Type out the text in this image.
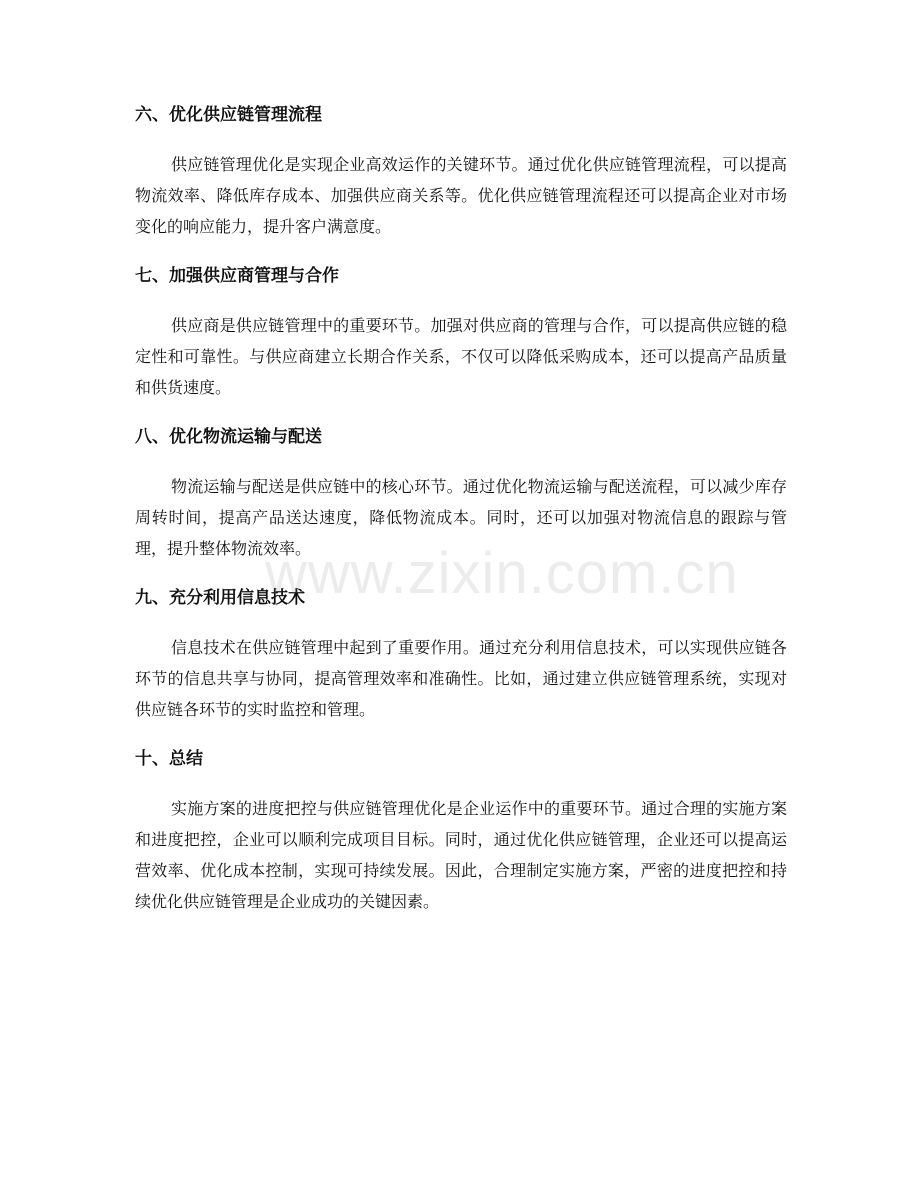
六、优化供应链管理流程

供应链管理优化是实现企业高效运作的关键环节。通过优化供应链管理流程，可以提高物流效率、降低库存成本、加强供应商关系等。优化供应链管理流程还可以提高企业对市场变化的响应能力，提升客户满意度。

七、加强供应商管理与合作

供应商是供应链管理中的重要环节。加强对供应商的管理与合作，可以提高供应链的稳定性和可靠性。与供应商建立长期合作关系，不仅可以降低采购成本，还可以提高产品质量和供货速度。

八、优化物流运输与配送

物流运输与配送是供应链中的核心环节。通过优化物流运输与配送流程，可以减少库存周转时间，提高产品送达速度，降低物流成本。同时，还可以加强对物流信息的跟踪与管理，提升整体物流效率。

九、充分利用信息技术

信息技术在供应链管理中起到了重要作用。通过充分利用信息技术，可以实现供应链各环节的信息共享与协同，提高管理效率和准确性。比如，通过建立供应链管理系统，实现对供应链各环节的实时监控和管理。

十、总结

实施方案的进度把控与供应链管理优化是企业运作中的重要环节。通过合理的实施方案和进度把控，企业可以顺利完成项目目标。同时，通过优化供应链管理，企业还可以提高运营效率、优化成本控制，实现可持续发展。因此，合理制定实施方案，严密的进度把控和持续优化供应链管理是企业成功的关键因素。

www.zixin.com.cn
